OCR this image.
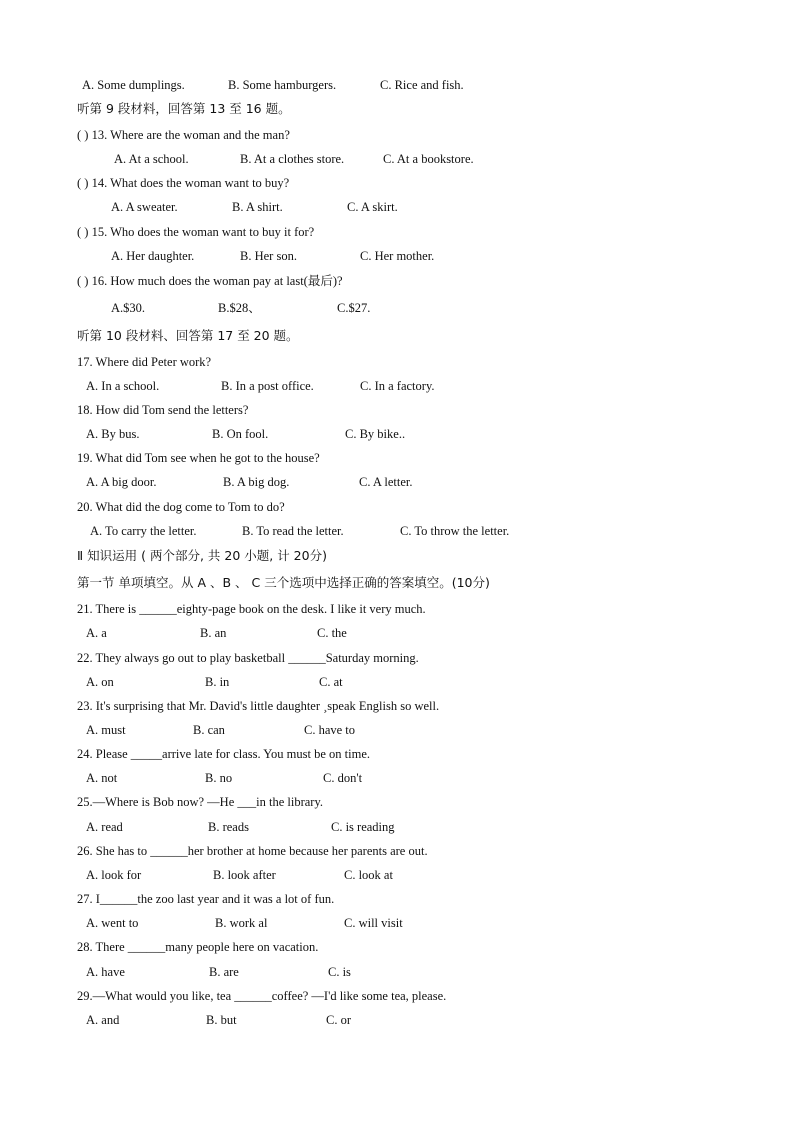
A. Some dumplings.	B. Some hamburgers.	C. Rice and fish.
听第 9 段材料，回答第 13 至 16 题。
( ) 13. Where are the woman and the man?
A. At a school.	B. At a clothes store.	C. At a bookstore.
( ) 14. What does the woman want to buy?
A. A sweater.	B. A shirt.	C. A skirt.
( ) 15. Who does the woman want to buy it for?
A. Her daughter.	B. Her son.	C. Her mother.
( ) 16. How much does the woman pay at last(最后)?
A.$30.	B.$28、	C.$27.
听第 10 段材料、回答第 17 至 20 题。
17. Where did Peter work?
A. In a school.	B. In a post office.	C. In a factory.
18. How did Tom send the letters?
A. By bus.	B. On fool.	C. By bike..
19. What did Tom see when he got to the house?
A. A big door.	B. A big dog.	C. A letter.
20. What did the dog come to Tom to do?
A. To carry the letter.	B. To read the letter.	C. To throw the letter.
Ⅱ 知识运用 ( 两个部分, 共 20 小题, 计 20分)
第一节 单项填空。从 A 、B 、 C 三个选项中选择正确的答案填空。(10分)
21. There is ______eighty-page book on the desk. I like it very much.
A. a	B. an	C. the
22. They always go out to play basketball ______Saturday morning.
A. on	B. in	C. at
23. It's surprising that Mr. David's little daughter ¸speak English so well.
A. must	B. can	C. have to
24. Please _____arrive late for class. You must be on time.
A. not	B. no	C. don't
25.—Where is Bob now? —He ___in the library.
A. read	B. reads	C. is reading
26. She has to ______her brother at home because her parents are out.
A. look for	B. look after	C. look at
27. I______the zoo last year and it was a lot of fun.
A. went to	B. work al	C. will visit
28. There ______many people here on vacation.
A. have	B. are	C. is
29.—What would you like, tea ______coffee? —I'd like some tea, please.
A. and	B. but	C. or
